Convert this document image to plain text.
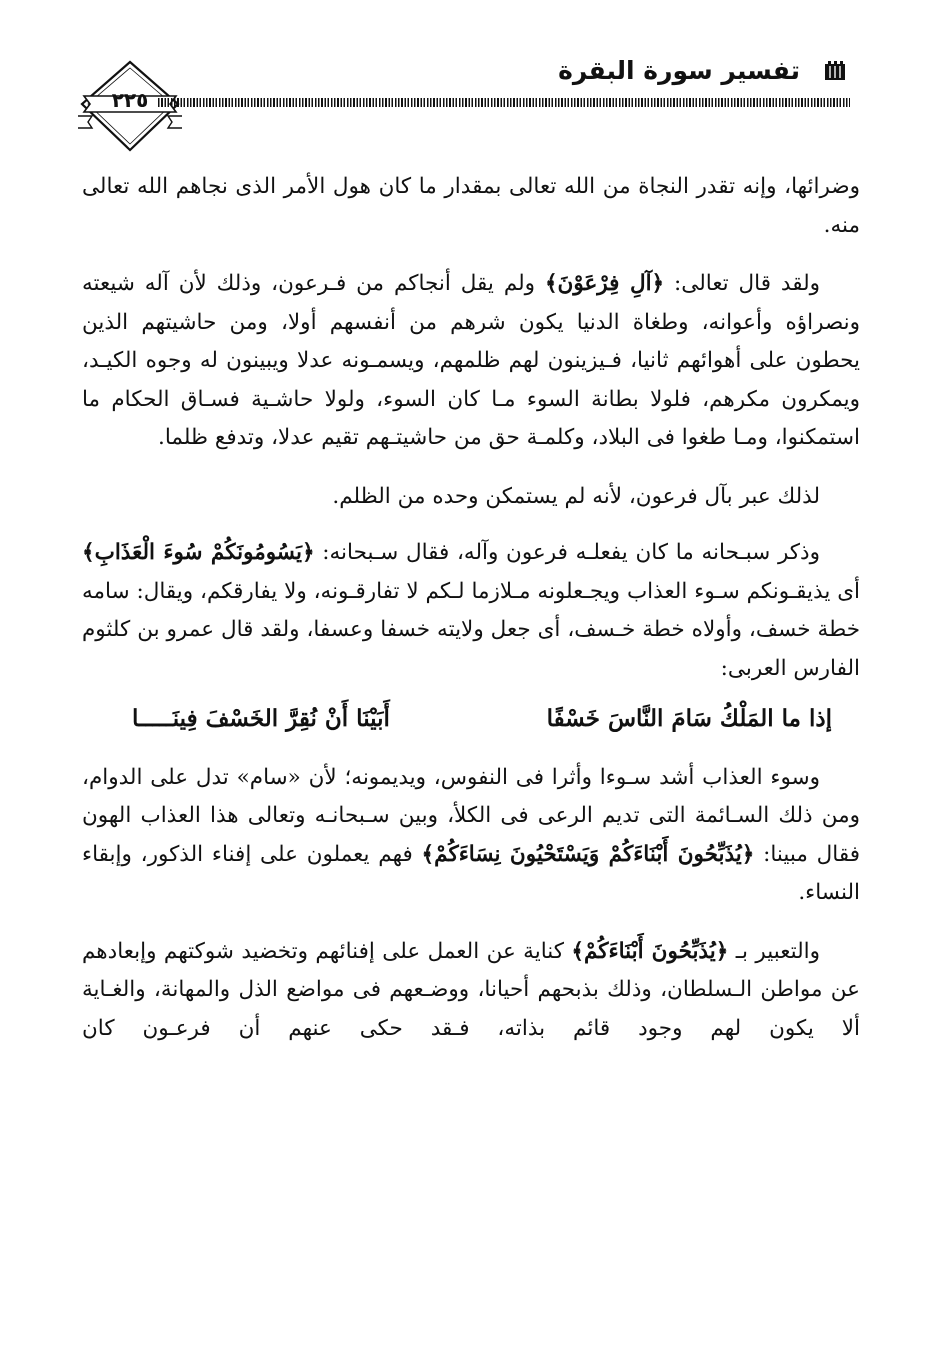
٢٢٥
تفسير سورة البقرة

وضرائها، وإنه تقدر النجاة من الله تعالى بمقدار ما كان هول الأمر الذى نجاهم الله تعالى منه.

ولقد قال تعالى: ﴿آلِ فِرْعَوْنَ﴾ ولم يقل أنجاكم من فـرعون، وذلك لأن آله شيعته ونصراؤه وأعوانه، وطغاة الدنيا يكون شرهم من أنفسهم أولا، ومن حاشيتهم الذين يحطون على أهوائهم ثانيا، فـيزينون لهم ظلمهم، ويسمـونه عدلا ويبينون له وجوه الكيـد، ويمكرون مكرهم، فلولا بطانة السوء مـا كان السوء، ولولا حاشـية فسـاق الحكام ما استمكنوا، ومـا طغوا فى البلاد، وكلمـة حق من حاشيتـهم تقيم عدلا، وتدفع ظلما.

لذلك عبر بآل فرعون، لأنه لم يستمكن وحده من الظلم.

وذكر سبـحانه ما كان يفعلـه فرعون وآله، فقال سـبحانه: ﴿يَسُومُونَكُمْ سُوءَ الْعَذَابِ﴾ أى يذيقـونكم سـوء العذاب ويجـعلونه مـلازما لـكم لا تفارقـونه، ولا يفارقكم، ويقال: سامه خطة خسف، وأولاه خطة خـسف، أى جعل ولايته خسفا وعسفا، ولقد قال عمرو بن كلثوم الفارس العربى:

إذا ما المَلْكُ سَامَ النَّاسَ خَسْفًا
أَبَيْنَا أَنْ نُقِرَّ الخَسْفَ فِينَـــــا

وسوء العذاب أشد سـوءا وأثرا فى النفوس، ويديمونه؛ لأن «سام» تدل على الدوام، ومن ذلك السـائمة التى تديم الرعى فى الكلأ، وبين سـبحانـه وتعالى هذا العذاب الهون فقال مبينا: ﴿يُذَبِّحُونَ أَبْنَاءَكُمْ وَيَسْتَحْيُونَ نِسَاءَكُمْ﴾ فهم يعملون على إفناء الذكور، وإبقاء النساء.

والتعبير بـ ﴿يُذَبِّحُونَ أَبْنَاءَكُمْ﴾ كناية عن العمل على إفنائهم وتخضيد شوكتهم وإبعادهم عن مواطن الـسلطان، وذلك بذبحهم أحيانا، ووضـعهم فى مواضع الذل والمهانة، والغـاية ألا يكون لهم وجود قائم بذاته، فـقد حكى عنهم أن فرعـون كان
